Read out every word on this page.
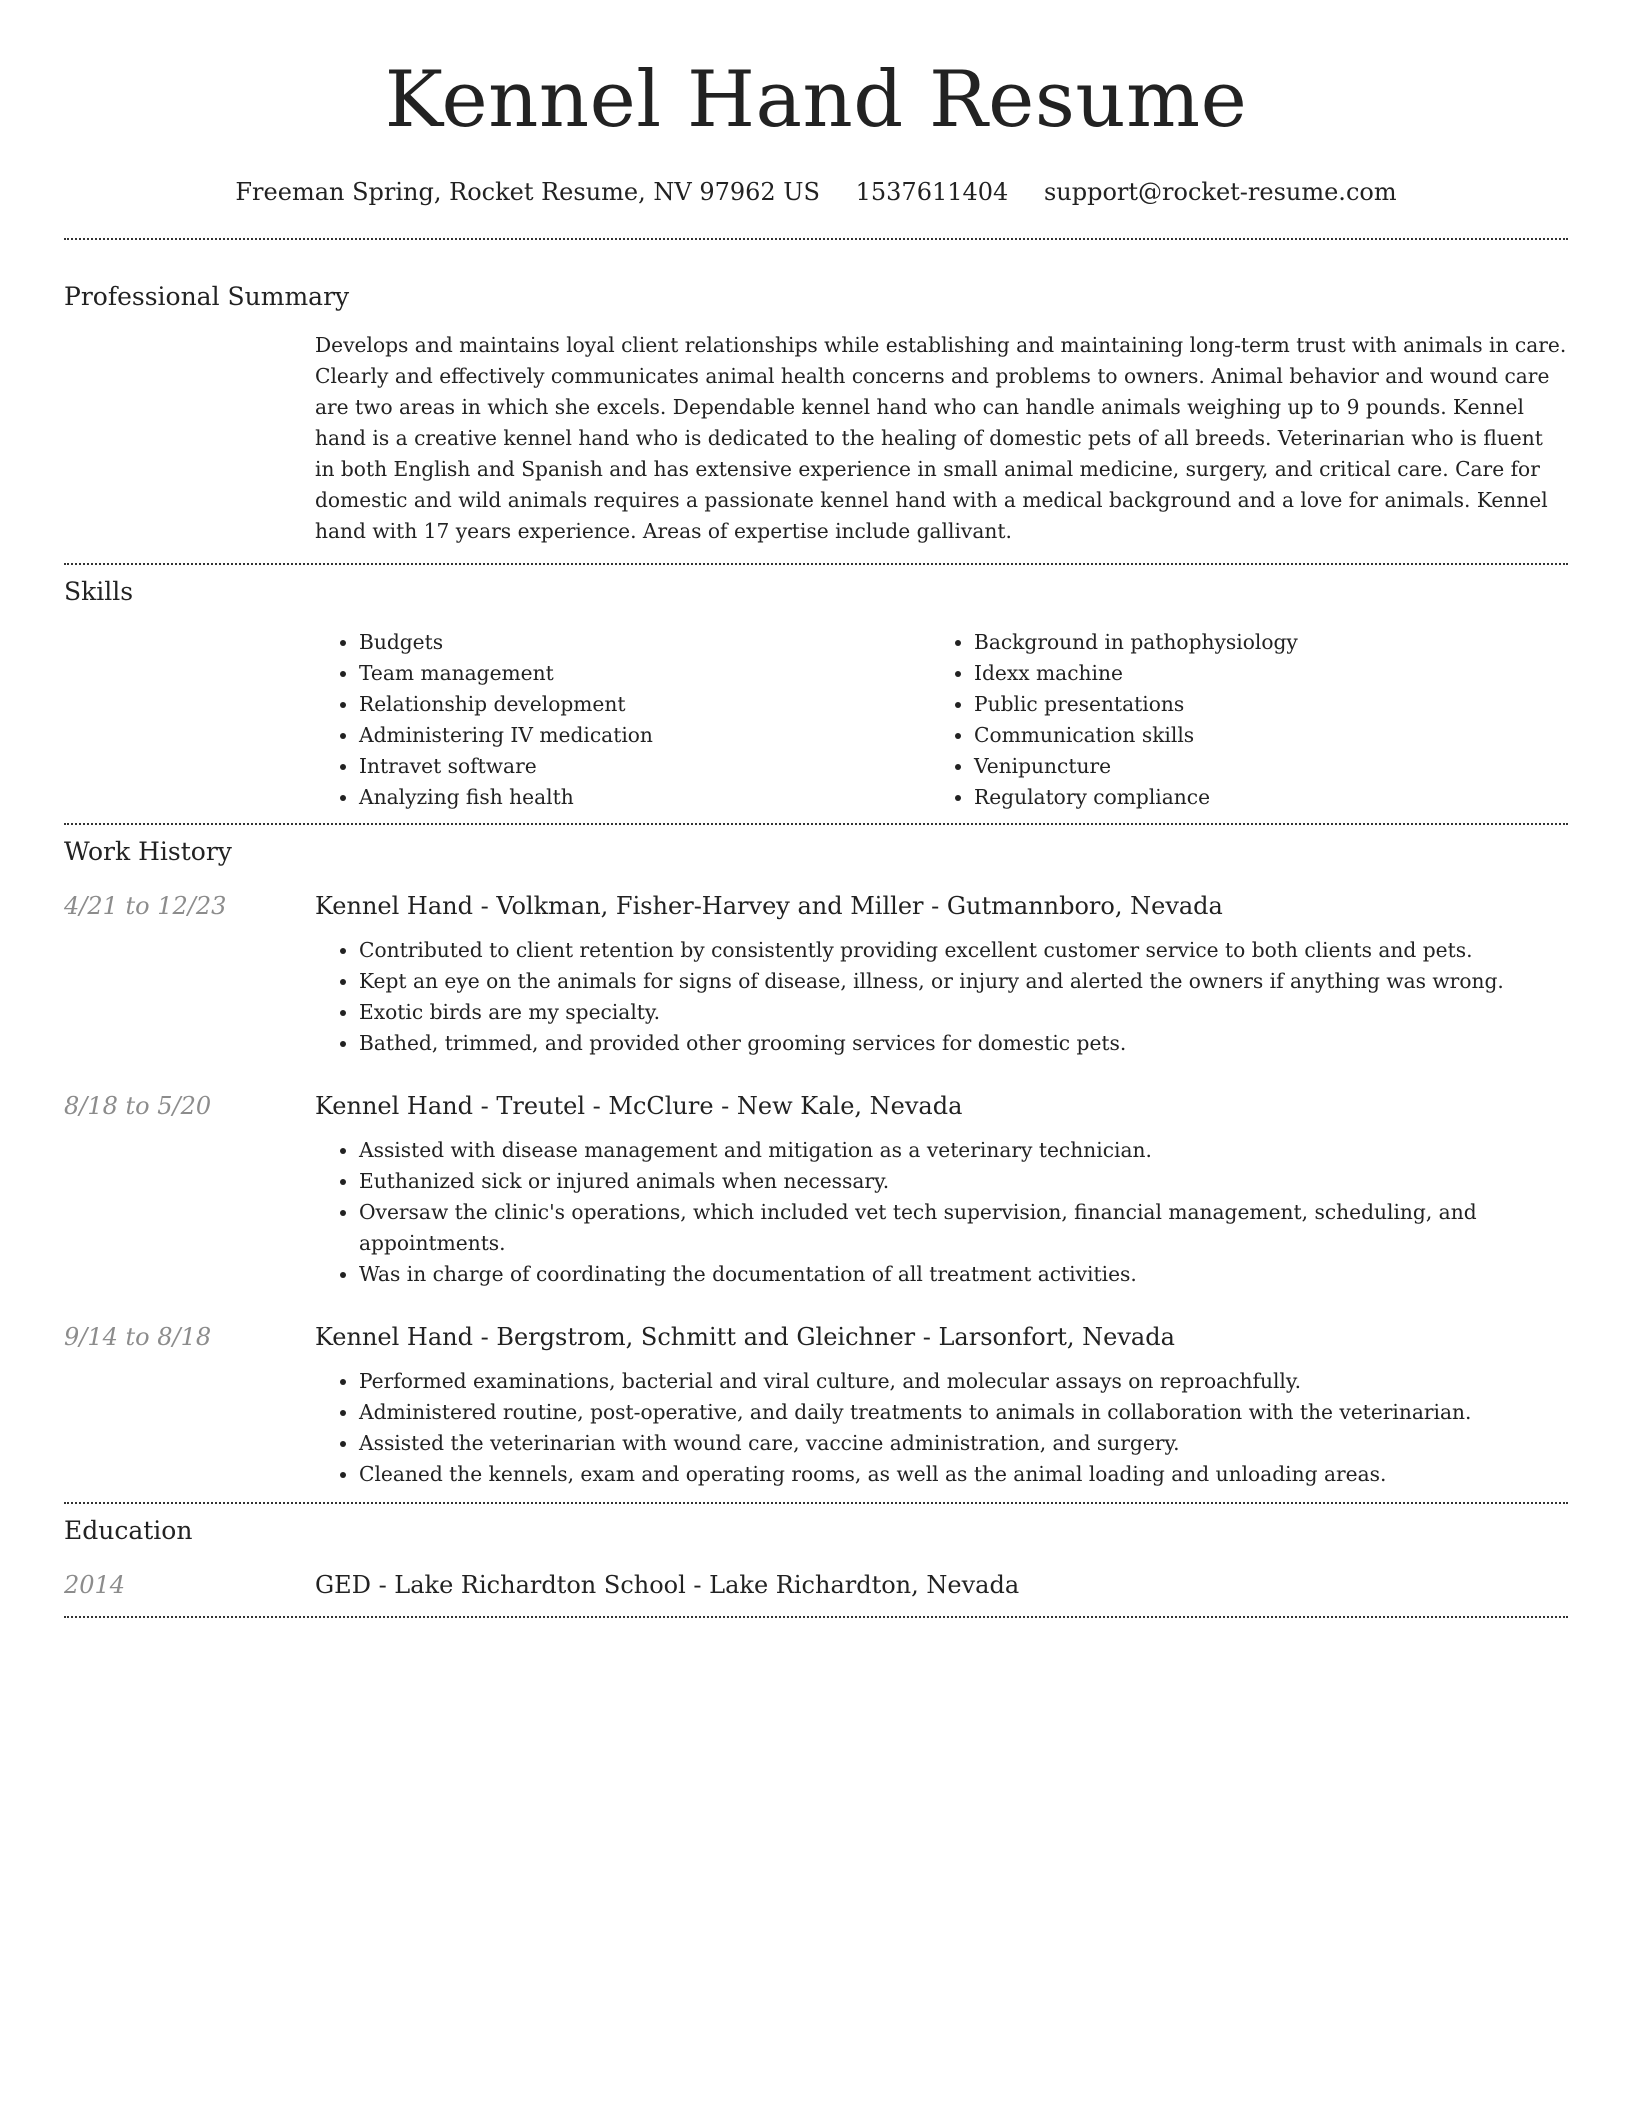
Kennel Hand Resume
Freeman Spring, Rocket Resume, NV 97962 US 1537611404 support@rocket-resume.com
Professional Summary

Develops and maintains loyal client relationships while establishing and maintaining long-term trust with animals in care. Clearly and effectively communicates animal health concerns and problems to owners. Animal behavior and wound care are two areas in which she excels. Dependable kennel hand who can handle animals weighing up to 9 pounds. Kennel hand is a creative kennel hand who is dedicated to the healing of domestic pets of all breeds. Veterinarian who is fluent in both English and Spanish and has extensive experience in small animal medicine, surgery, and critical care. Care for domestic and wild animals requires a passionate kennel hand with a medical background and a love for animals. Kennel hand with 17 years experience. Areas of expertise include gallivant.

Skills
• Budgets
• Team management
• Relationship development
• Administering IV medication
• Intravet software
• Analyzing fish health
• Background in pathophysiology
• Idexx machine
• Public presentations
• Communication skills
• Venipuncture
• Regulatory compliance
Work History
4/21 to 12/23	Kennel Hand - Volkman, Fisher-Harvey and Miller - Gutmannboro, Nevada
• Contributed to client retention by consistently providing excellent customer service to both clients and pets.
• Kept an eye on the animals for signs of disease, illness, or injury and alerted the owners if anything was wrong.
• Exotic birds are my specialty.
• Bathed, trimmed, and provided other grooming services for domestic pets.
8/18 to 5/20	Kennel Hand - Treutel - McClure - New Kale, Nevada
• Assisted with disease management and mitigation as a veterinary technician.
• Euthanized sick or injured animals when necessary.
• Oversaw the clinic's operations, which included vet tech supervision, financial management, scheduling, and appointments.
• Was in charge of coordinating the documentation of all treatment activities.
9/14 to 8/18	Kennel Hand - Bergstrom, Schmitt and Gleichner - Larsonfort, Nevada
• Performed examinations, bacterial and viral culture, and molecular assays on reproachfully.
• Administered routine, post-operative, and daily treatments to animals in collaboration with the veterinarian.
• Assisted the veterinarian with wound care, vaccine administration, and surgery.
• Cleaned the kennels, exam and operating rooms, as well as the animal loading and unloading areas.
Education
2014	GED - Lake Richardton School - Lake Richardton, Nevada
